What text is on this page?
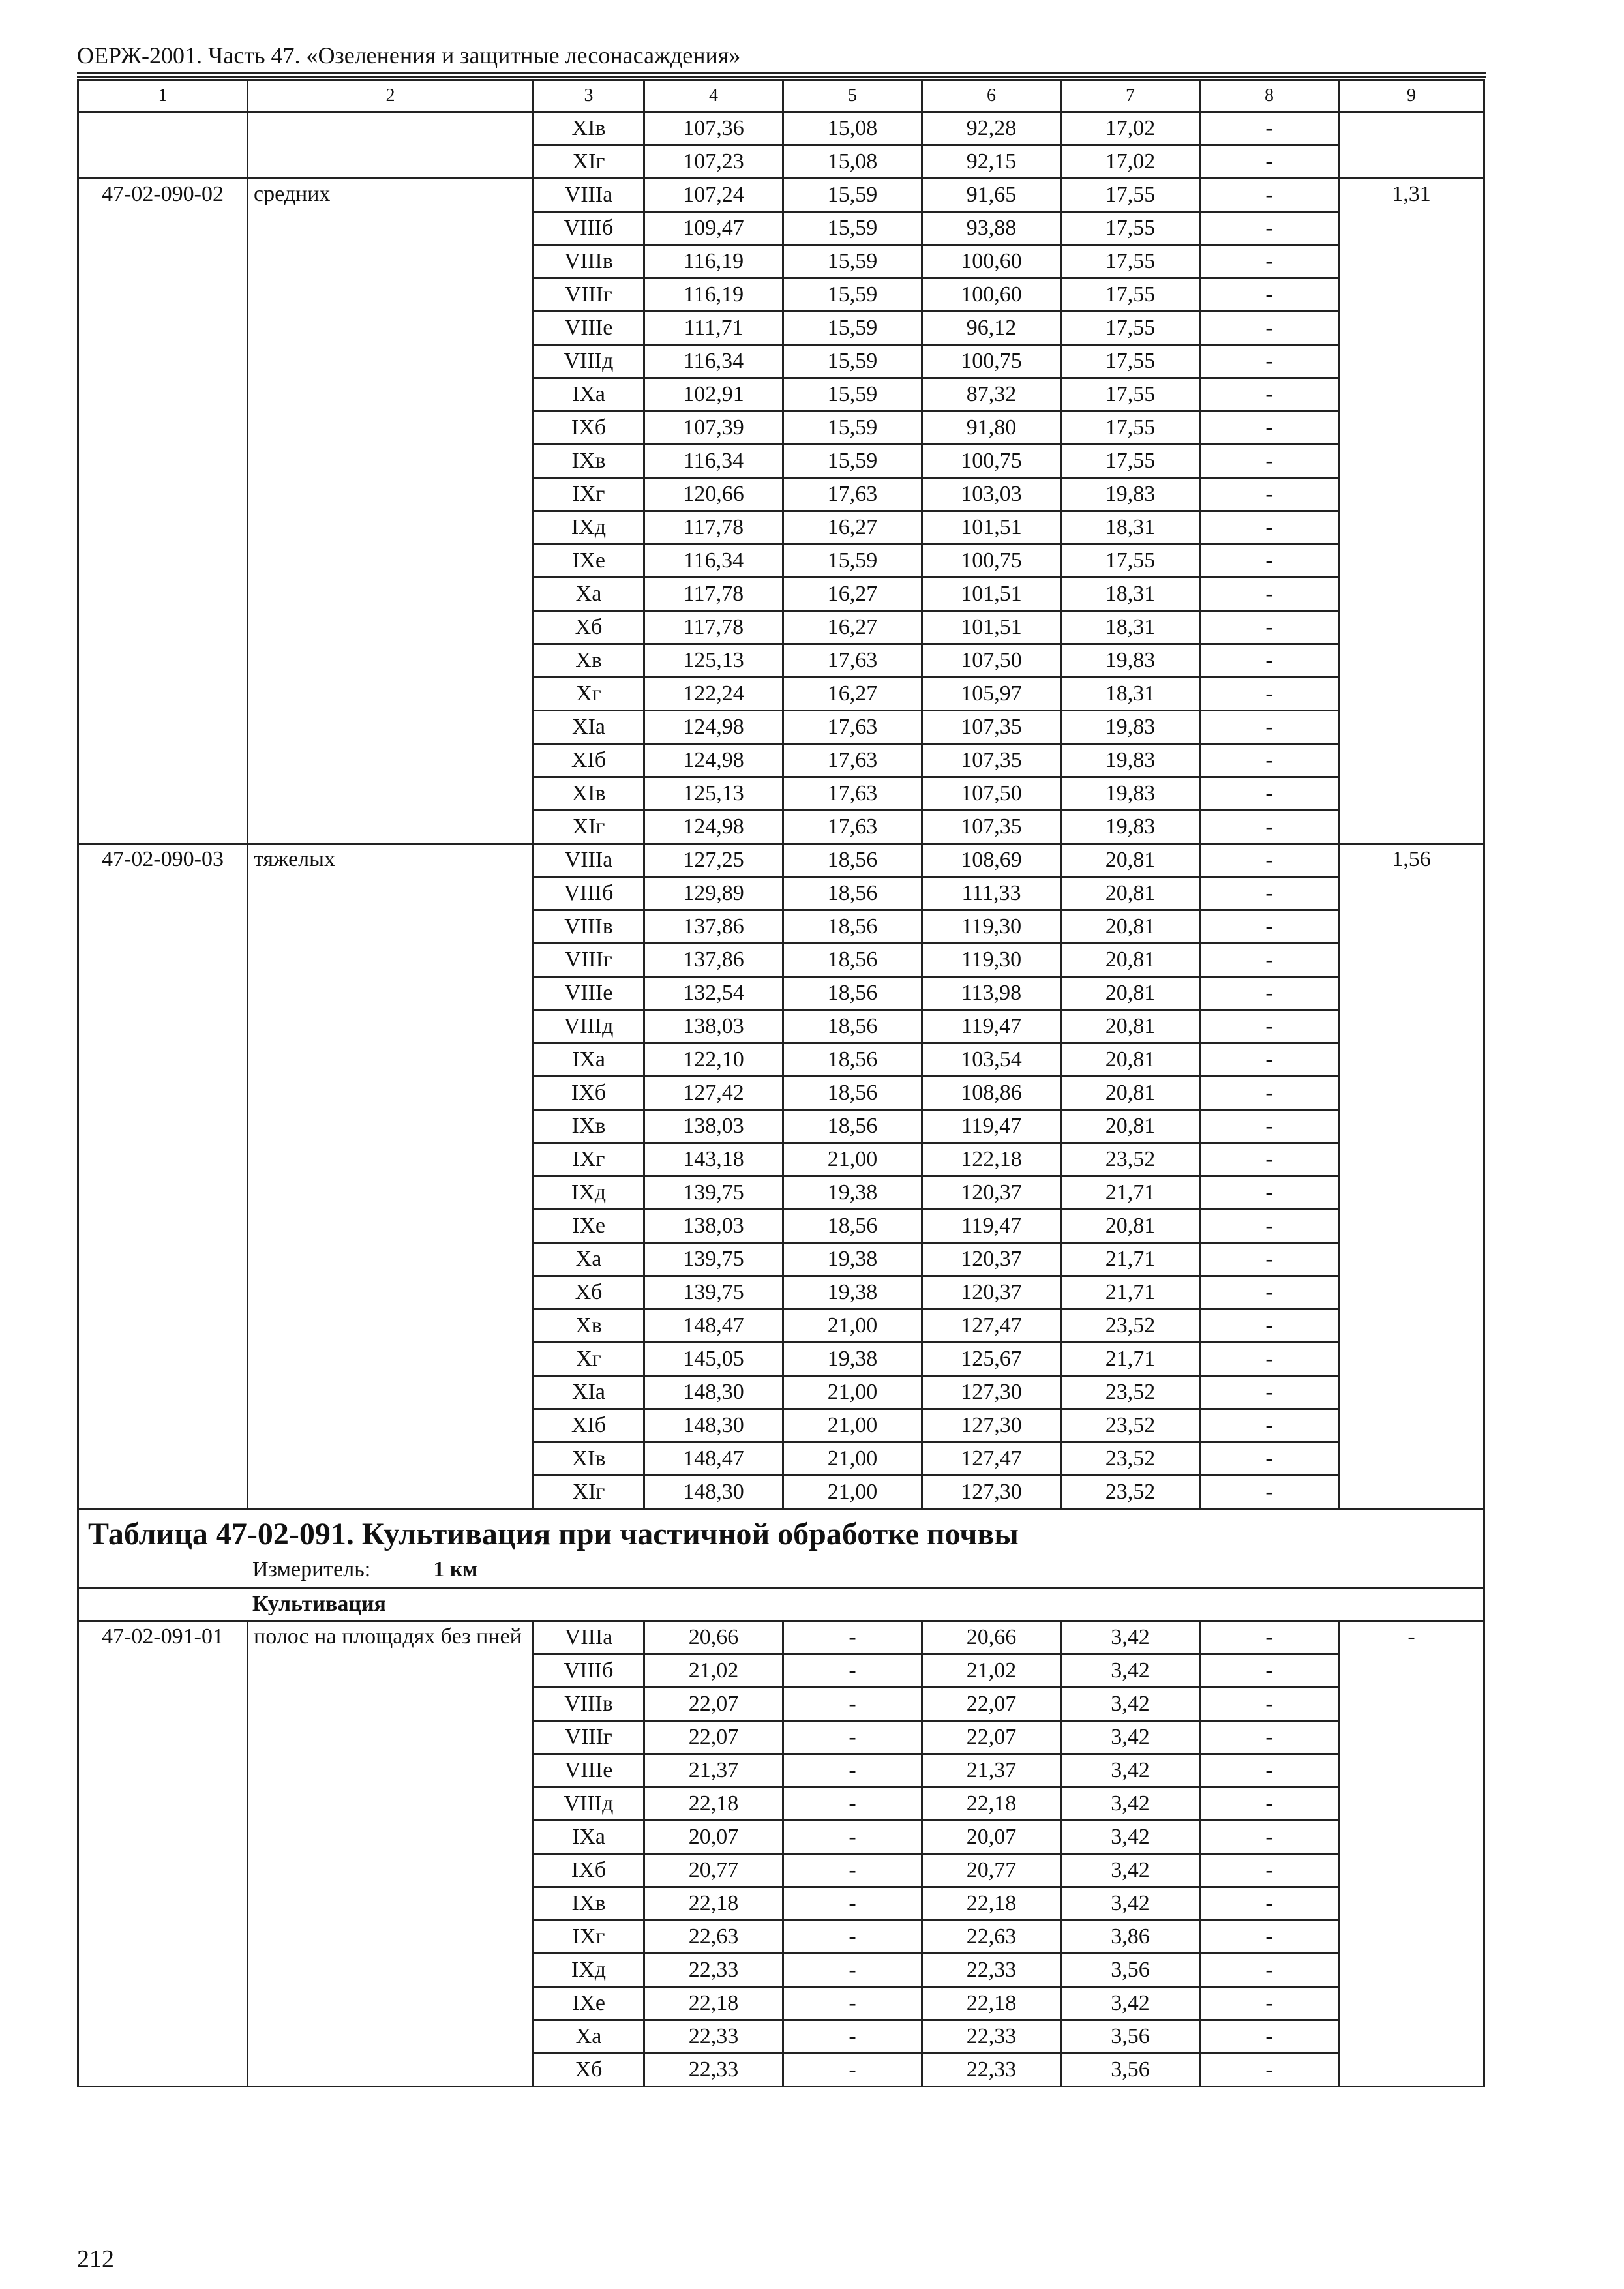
ОЕРЖ-2001. Часть 47. «Озеленения и защитные лесонасаждения»
1	2	3	4	5	6	7	8	9
		XIв	107,36	15,08	92,28	17,02	-	
		XIг	107,23	15,08	92,15	17,02	-	
47-02-090-02	средних	VIIIа	107,24	15,59	91,65	17,55	-	1,31
		VIIIб	109,47	15,59	93,88	17,55	-	
		VIIIв	116,19	15,59	100,60	17,55	-	
		VIIIг	116,19	15,59	100,60	17,55	-	
		VIIIе	111,71	15,59	96,12	17,55	-	
		VIIIд	116,34	15,59	100,75	17,55	-	
		IXа	102,91	15,59	87,32	17,55	-	
		IXб	107,39	15,59	91,80	17,55	-	
		IXв	116,34	15,59	100,75	17,55	-	
		IXг	120,66	17,63	103,03	19,83	-	
		IXд	117,78	16,27	101,51	18,31	-	
		IXе	116,34	15,59	100,75	17,55	-	
		Xа	117,78	16,27	101,51	18,31	-	
		Xб	117,78	16,27	101,51	18,31	-	
		Xв	125,13	17,63	107,50	19,83	-	
		Xг	122,24	16,27	105,97	18,31	-	
		XIа	124,98	17,63	107,35	19,83	-	
		XIб	124,98	17,63	107,35	19,83	-	
		XIв	125,13	17,63	107,50	19,83	-	
		XIг	124,98	17,63	107,35	19,83	-	
47-02-090-03	тяжелых	VIIIа	127,25	18,56	108,69	20,81	-	1,56
		VIIIб	129,89	18,56	111,33	20,81	-	
		VIIIв	137,86	18,56	119,30	20,81	-	
		VIIIг	137,86	18,56	119,30	20,81	-	
		VIIIе	132,54	18,56	113,98	20,81	-	
		VIIIд	138,03	18,56	119,47	20,81	-	
		IXа	122,10	18,56	103,54	20,81	-	
		IXб	127,42	18,56	108,86	20,81	-	
		IXв	138,03	18,56	119,47	20,81	-	
		IXг	143,18	21,00	122,18	23,52	-	
		IXд	139,75	19,38	120,37	21,71	-	
		IXе	138,03	18,56	119,47	20,81	-	
		Xа	139,75	19,38	120,37	21,71	-	
		Xб	139,75	19,38	120,37	21,71	-	
		Xв	148,47	21,00	127,47	23,52	-	
		Xг	145,05	19,38	125,67	21,71	-	
		XIа	148,30	21,00	127,30	23,52	-	
		XIб	148,30	21,00	127,30	23,52	-	
		XIв	148,47	21,00	127,47	23,52	-	
		XIг	148,30	21,00	127,30	23,52	-	

Таблица 47-02-091. Культивация при частичной обработке почвы
Измеритель: 1 км								

Культивация								
47-02-091-01	полос на площадях без пней	VIIIа	20,66	-	20,66	3,42	-	-
		VIIIб	21,02	-	21,02	3,42	-	
		VIIIв	22,07	-	22,07	3,42	-	
		VIIIг	22,07	-	22,07	3,42	-	
		VIIIе	21,37	-	21,37	3,42	-	
		VIIIд	22,18	-	22,18	3,42	-	
		IXа	20,07	-	20,07	3,42	-	
		IXб	20,77	-	20,77	3,42	-	
		IXв	22,18	-	22,18	3,42	-	
		IXг	22,63	-	22,63	3,86	-	
		IXд	22,33	-	22,33	3,56	-	
		IXе	22,18	-	22,18	3,42	-	
		Xа	22,33	-	22,33	3,56	-	
		Xб	22,33	-	22,33	3,56	-	
212
